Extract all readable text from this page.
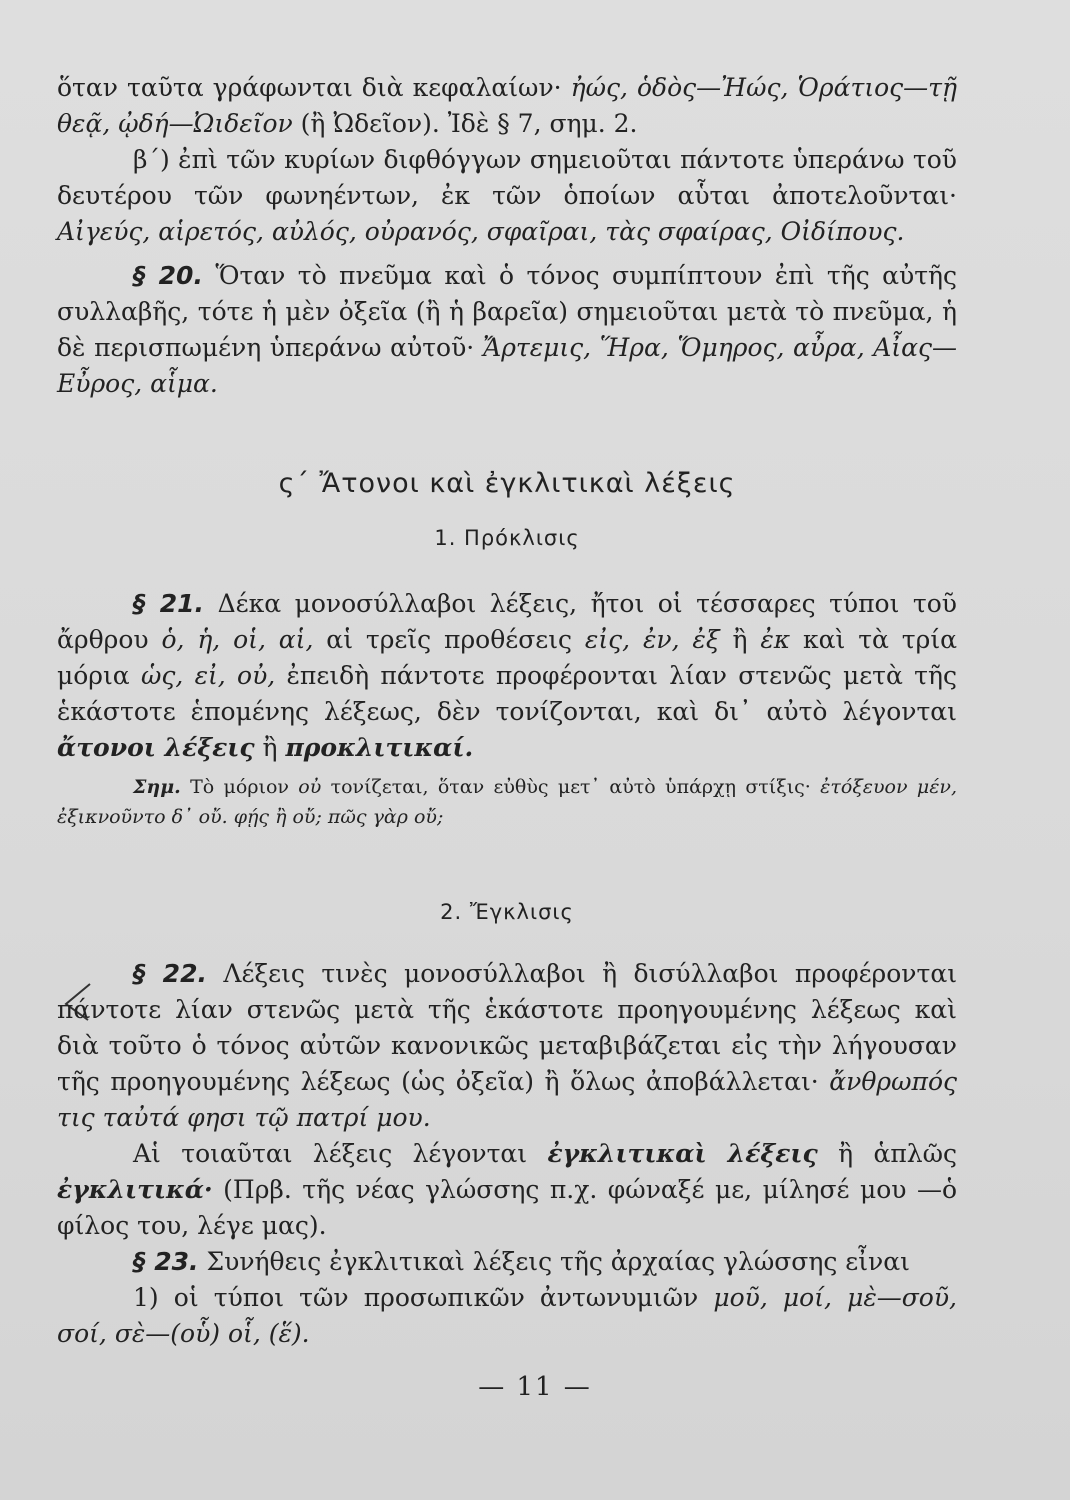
ὅταν ταῦτα γράφωνται διὰ κεφαλαίων· ἠώς, ὁδὸς—Ἠώς, Ὁράτιος—τῇ θεᾷ, ᾠδή—Ὠιδεῖον (ἢ Ὠδεῖον). Ἰδὲ § 7, σημ. 2.

β΄) ἐπὶ τῶν κυρίων διφθόγγων σημειοῦται πάντοτε ὑπεράνω τοῦ δευτέρου τῶν φωνηέντων, ἐκ τῶν ὁποίων αὗται ἀποτελοῦνται· Αἰγεύς, αἱρετός, αὐλός, οὐρανός, σφαῖραι, τὰς σφαίρας, Οἰδίπους.

§ 20. Ὅταν τὸ πνεῦμα καὶ ὁ τόνος συμπίπτουν ἐπὶ τῆς αὐτῆς συλλαβῆς, τότε ἡ μὲν ὀξεῖα (ἢ ἡ βαρεῖα) σημειοῦται μετὰ τὸ πνεῦμα, ἡ δὲ περισπωμένη ὑπεράνω αὐτοῦ· Ἄρτεμις, Ἥρα, Ὅμηρος, αὖρα, Αἶας—Εὖρος, αἷμα.

ς΄ Ἄτονοι καὶ ἐγκλιτικαὶ λέξεις
1. Πρόκλισις

§ 21. Δέκα μονοσύλλαβοι λέξεις, ἤτοι οἱ τέσσαρες τύποι τοῦ ἄρθρου ὁ, ἡ, οἱ, αἱ, αἱ τρεῖς προθέσεις εἰς, ἐν, ἐξ ἢ ἐκ καὶ τὰ τρία μόρια ὡς, εἰ, οὐ, ἐπειδὴ πάντοτε προφέρονται λίαν στενῶς μετὰ τῆς ἑκάστοτε ἑπομένης λέξεως, δὲν τονίζονται, καὶ δι᾿ αὐτὸ λέγονται ἄτονοι λέξεις ἢ προκλιτικαί.

Σημ. Τὸ μόριον οὐ τονίζεται, ὅταν εὐθὺς μετ᾿ αὐτὸ ὑπάρχῃ στίξις· ἐτόξευον μέν, ἐξικνοῦντο δ᾿ οὔ. φῄς ἢ οὔ; πῶς γὰρ οὔ;

2. Ἔγκλισις

§ 22. Λέξεις τινὲς μονοσύλλαβοι ἢ δισύλλαβοι προφέρονται πάντοτε λίαν στενῶς μετὰ τῆς ἑκάστοτε προηγουμένης λέξεως καὶ διὰ τοῦτο ὁ τόνος αὐτῶν κανονικῶς μεταβιβάζεται εἰς τὴν λήγουσαν τῆς προηγουμένης λέξεως (ὡς ὀξεῖα) ἢ ὅλως ἀποβάλλεται· ἄνθρωπός τις ταὐτά φησι τῷ πατρί μου.

Αἱ τοιαῦται λέξεις λέγονται ἐγκλιτικαὶ λέξεις ἢ ἁπλῶς ἐγκλιτικά· (Πρβ. τῆς νέας γλώσσης π.χ. φώναξέ με, μίλησέ μου —ὁ φίλος του, λέγε μας).

§ 23. Συνήθεις ἐγκλιτικαὶ λέξεις τῆς ἀρχαίας γλώσσης εἶναι

1) οἱ τύποι τῶν προσωπικῶν ἀντωνυμιῶν μοῦ, μοί, μὲ—σοῦ, σοί, σὲ—(οὗ) οἷ, (ἕ).

— 11 —
